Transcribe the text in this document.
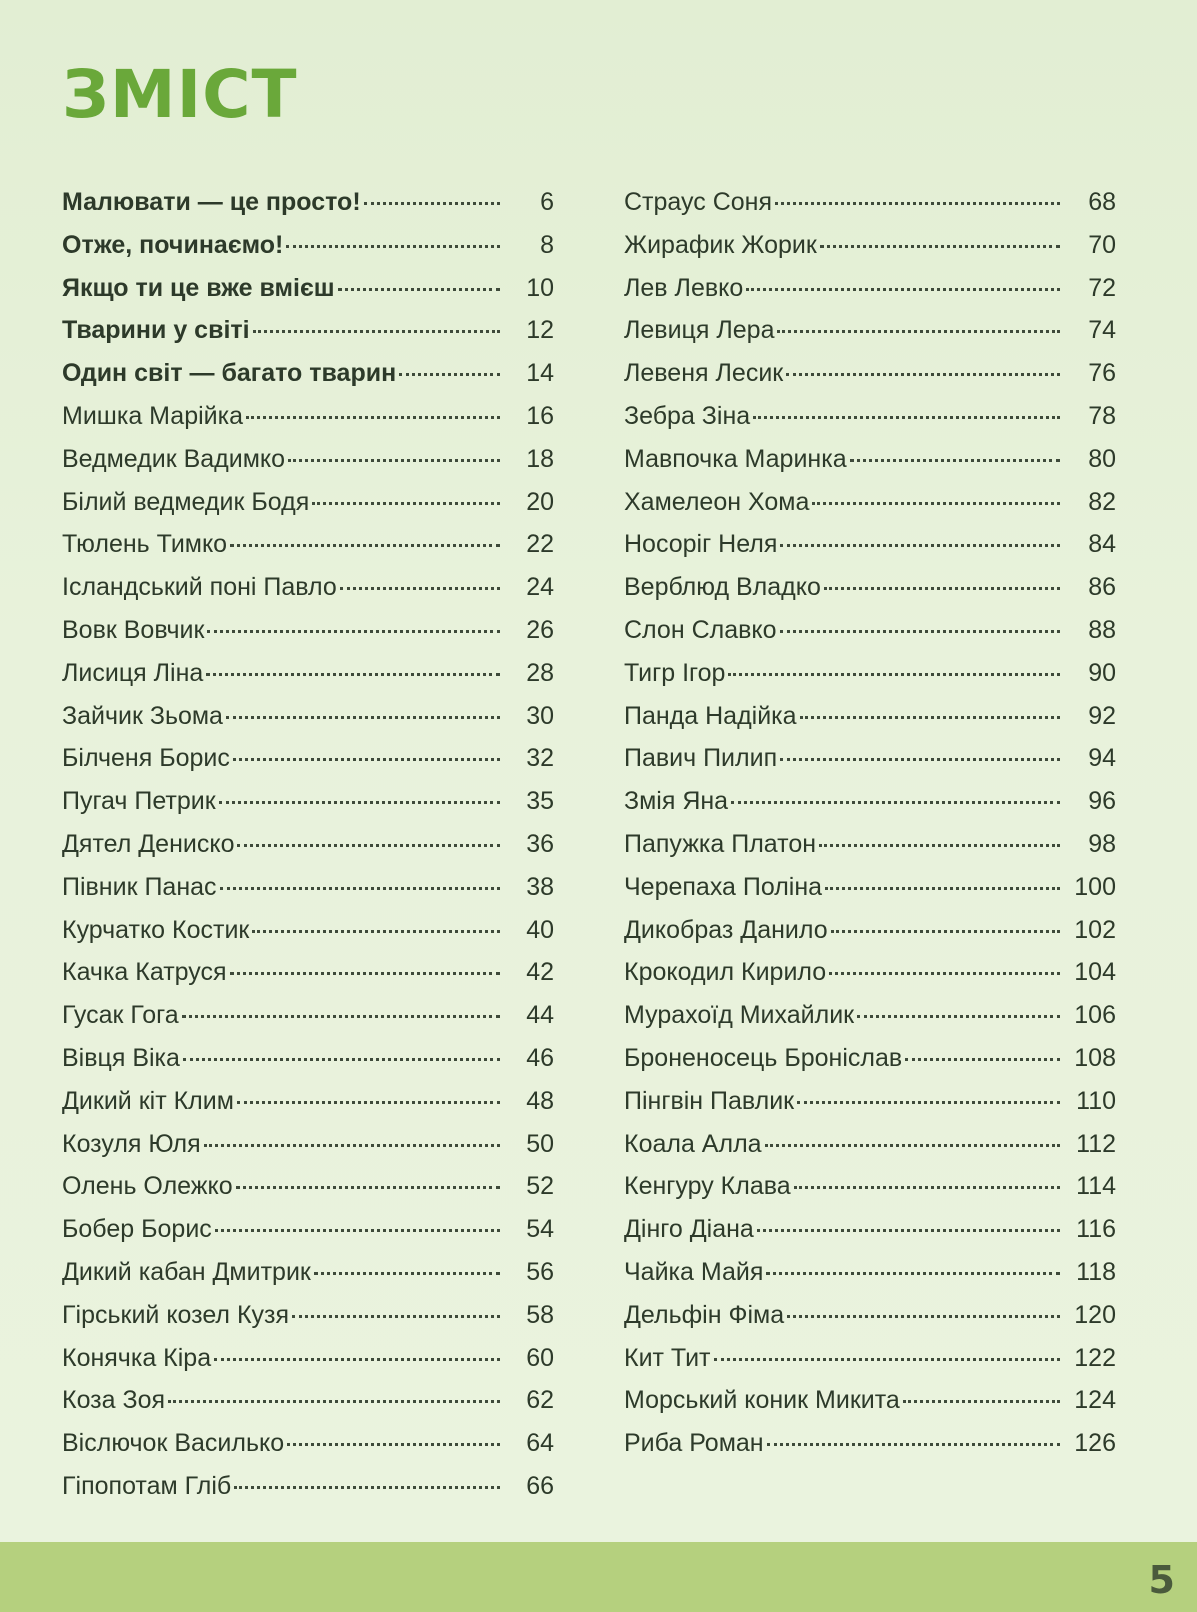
ЗМІСТ
Малювати — це просто!	6
Отже, починаємо!	8
Якщо ти це вже вмієш	10
Тварини у світі	12
Один світ — багато тварин	14
Мишка Марійка	16
Ведмедик Вадимко	18
Білий ведмедик Бодя	20
Тюлень Тимко	22
Ісландський поні Павло	24
Вовк Вовчик	26
Лисиця Ліна	28
Зайчик Зьома	30
Білченя Борис	32
Пугач Петрик	35
Дятел Дениско	36
Півник Панас	38
Курчатко Костик	40
Качка Катруся	42
Гусак Гога	44
Вівця Віка	46
Дикий кіт Клим	48
Козуля Юля	50
Олень Олежко	52
Бобер Борис	54
Дикий кабан Дмитрик	56
Гірський козел Кузя	58
Конячка Кіра	60
Коза Зоя	62
Віслючок Василько	64
Гіпопотам Гліб	66
Страус Соня	68
Жирафик Жорик	70
Лев Левко	72
Левиця Лера	74
Левеня Лесик	76
Зебра Зіна	78
Мавпочка Маринка	80
Хамелеон Хома	82
Носоріг Неля	84
Верблюд Владко	86
Слон Славко	88
Тигр Ігор	90
Панда Надійка	92
Павич Пилип	94
Змія Яна	96
Папужка Платон	98
Черепаха Поліна	100
Дикобраз Данило	102
Крокодил Кирило	104
Мурахоїд Михайлик	106
Броненосець Броніслав	108
Пінгвін Павлик	110
Коала Алла	112
Кенгуру Клава	114
Дінго Діана	116
Чайка Майя	118
Дельфін Фіма	120
Кит Тит	122
Морський коник Микита	124
Риба Роман	126
5
